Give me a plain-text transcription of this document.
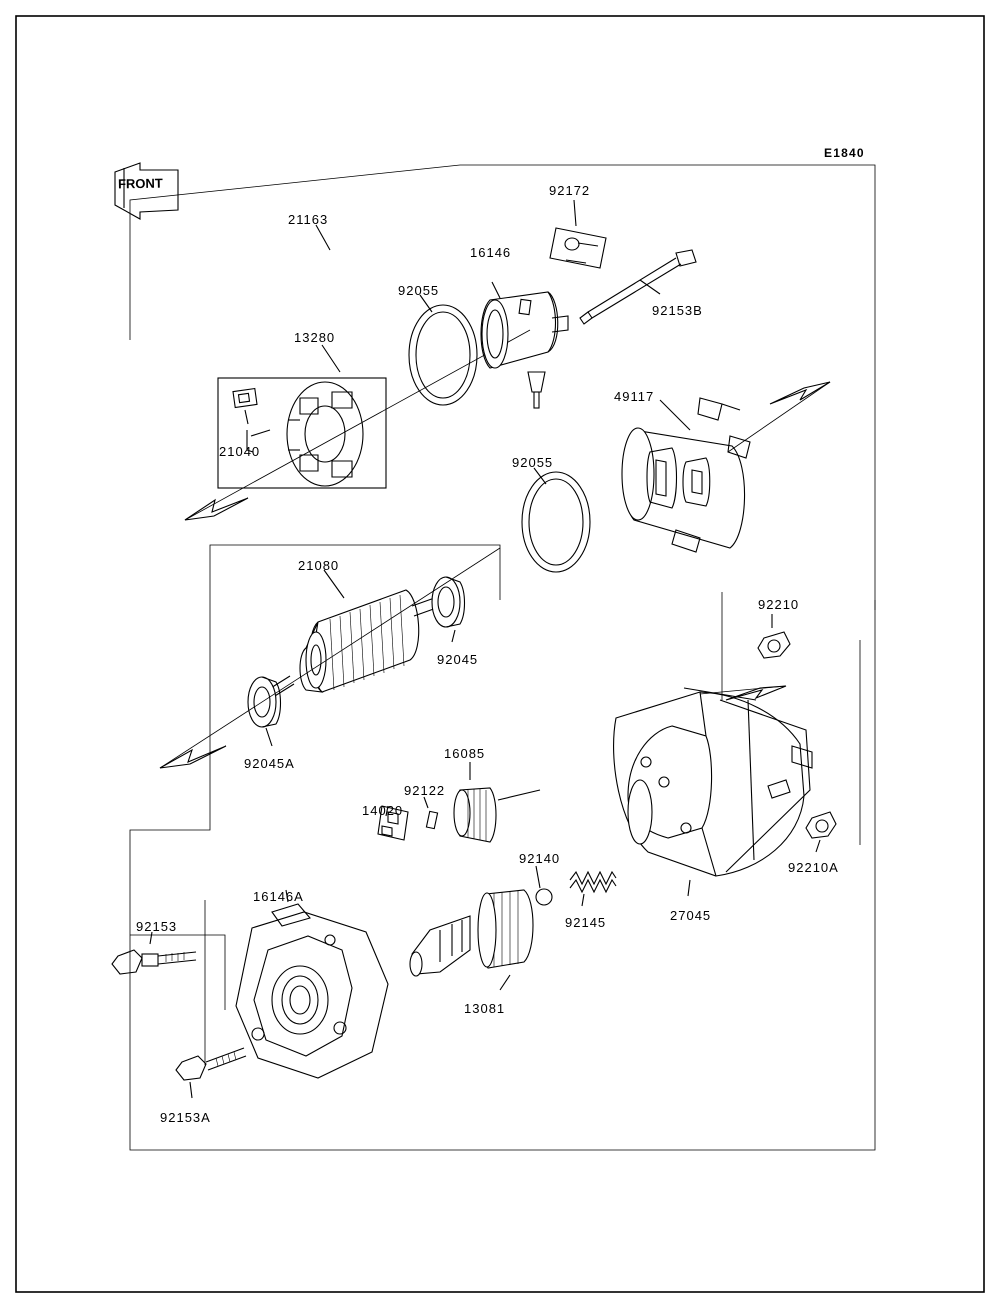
FRONT
E1840
21163
92172
16146
92055
92153B
13280
49117
21040
92055
21080
92210
92045
92045A
16085
92122
14020
92210A
92140
92145	27045
16146A
92153
13081
92153A
